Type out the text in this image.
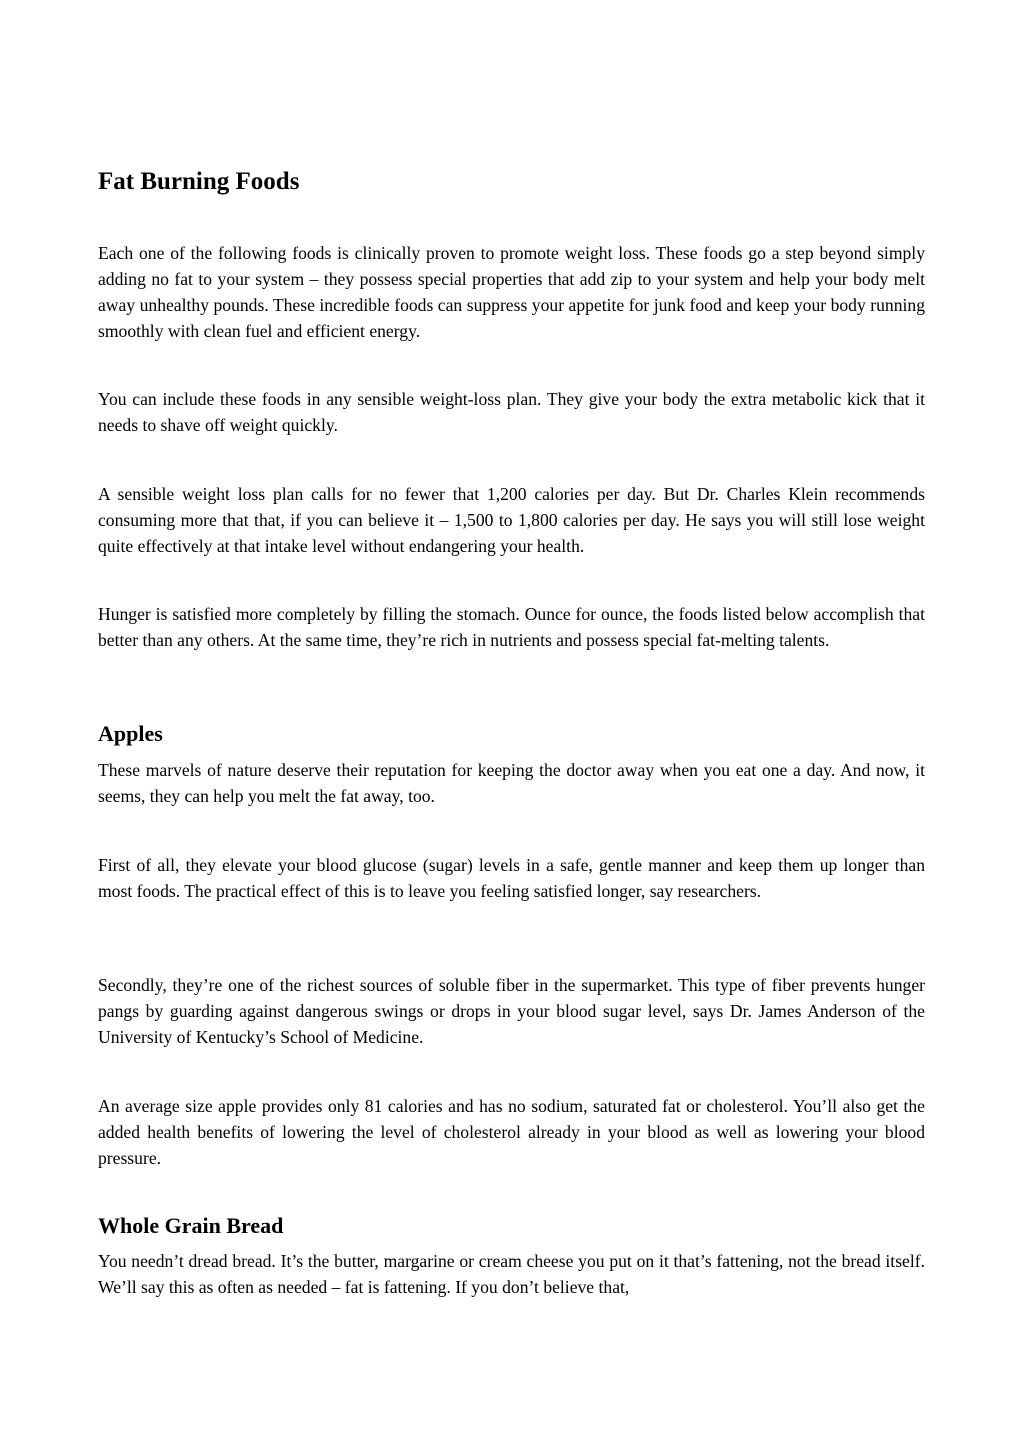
Fat Burning Foods

Each one of the following foods is clinically proven to promote weight loss. These foods go a step beyond simply adding no fat to your system – they possess special properties that add zip to your system and help your body melt away unhealthy pounds. These incredible foods can suppress your appetite for junk food and keep your body running smoothly with clean fuel and efficient energy.

You can include these foods in any sensible weight-loss plan. They give your body the extra metabolic kick that it needs to shave off weight quickly.

A sensible weight loss plan calls for no fewer that 1,200 calories per day. But Dr. Charles Klein recommends consuming more that that, if you can believe it – 1,500 to 1,800 calories per day. He says you will still lose weight quite effectively at that intake level without endangering your health.

Hunger is satisfied more completely by filling the stomach. Ounce for ounce, the foods listed below accomplish that better than any others. At the same time, they’re rich in nutrients and possess special fat-melting talents.

Apples

These marvels of nature deserve their reputation for keeping the doctor away when you eat one a day. And now, it seems, they can help you melt the fat away, too.

First of all, they elevate your blood glucose (sugar) levels in a safe, gentle manner and keep them up longer than most foods. The practical effect of this is to leave you feeling satisfied longer, say researchers.

Secondly, they’re one of the richest sources of soluble fiber in the supermarket. This type of fiber prevents hunger pangs by guarding against dangerous swings or drops in your blood sugar level, says Dr. James Anderson of the University of Kentucky’s School of Medicine.

An average size apple provides only 81 calories and has no sodium, saturated fat or cholesterol. You’ll also get the added health benefits of lowering the level of cholesterol already in your blood as well as lowering your blood pressure.

Whole Grain Bread

You needn’t dread bread. It’s the butter, margarine or cream cheese you put on it that’s fattening, not the bread itself. We’ll say this as often as needed – fat is fattening. If you don’t believe that,
